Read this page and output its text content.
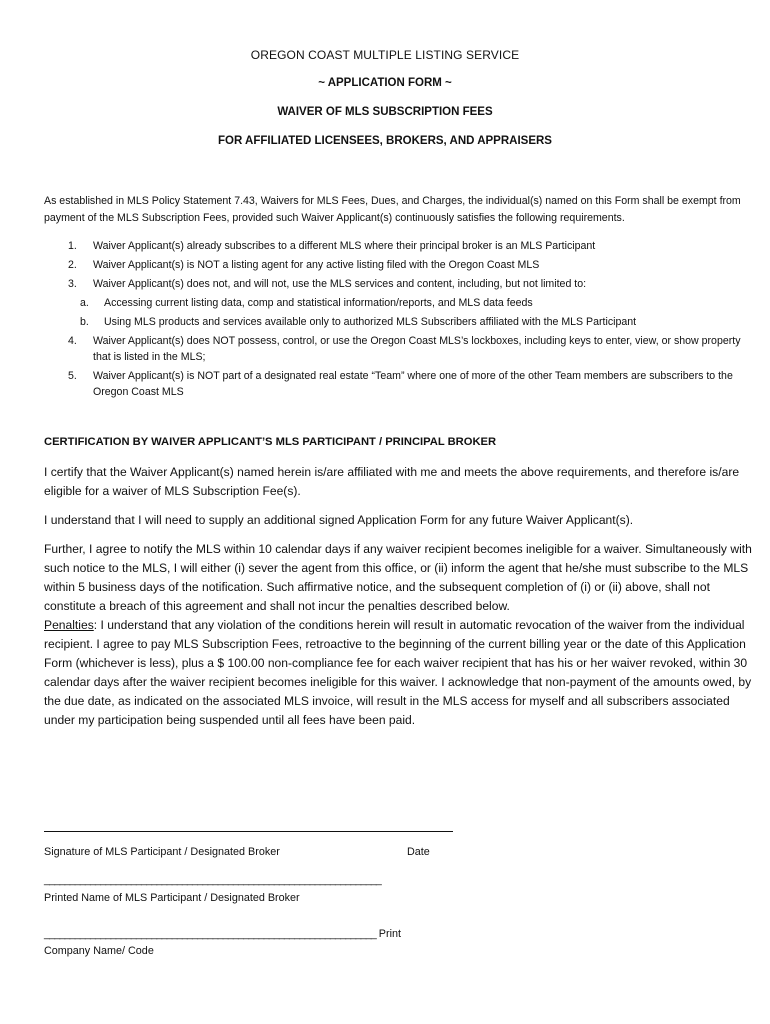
OREGON COAST MULTIPLE LISTING SERVICE
~ APPLICATION FORM ~
WAIVER OF MLS SUBSCRIPTION FEES
FOR AFFILIATED LICENSEES, BROKERS, AND APPRAISERS
As established in MLS Policy Statement 7.43, Waivers for MLS Fees, Dues, and Charges, the individual(s) named on this Form shall be exempt from payment of the MLS Subscription Fees, provided such Waiver Applicant(s) continuously satisfies the following requirements.
1. Waiver Applicant(s) already subscribes to a different MLS where their principal broker is an MLS Participant
2. Waiver Applicant(s) is NOT a listing agent for any active listing filed with the Oregon Coast MLS
3. Waiver Applicant(s) does not, and will not, use the MLS services and content, including, but not limited to:
a. Accessing current listing data, comp and statistical information/reports, and MLS data feeds
b. Using MLS products and services available only to authorized MLS Subscribers affiliated with the MLS Participant
4. Waiver Applicant(s) does NOT possess, control, or use the Oregon Coast MLS’s lockboxes, including keys to enter, view, or show property that is listed in the MLS;
5. Waiver Applicant(s) is NOT part of a designated real estate “Team” where one of more of the other Team members are subscribers to the Oregon Coast MLS
CERTIFICATION BY WAIVER APPLICANT’S MLS PARTICIPANT / PRINCIPAL BROKER
I certify that the Waiver Applicant(s) named herein is/are affiliated with me and meets the above requirements, and therefore is/are eligible for a waiver of MLS Subscription Fee(s).
I understand that I will need to supply an additional signed Application Form for any future Waiver Applicant(s).
Further, I agree to notify the MLS within 10 calendar days if any waiver recipient becomes ineligible for a waiver. Simultaneously with such notice to the MLS, I will either (i) sever the agent from this office, or (ii) inform the agent that he/she must subscribe to the MLS within 5 business days of the notification. Such affirmative notice, and the subsequent completion of (i) or (ii) above, shall not constitute a breach of this agreement and shall not incur the penalties described below.
Penalties: I understand that any violation of the conditions herein will result in automatic revocation of the waiver from the individual recipient. I agree to pay MLS Subscription Fees, retroactive to the beginning of the current billing year or the date of this Application Form (whichever is less), plus a $ 100.00 non-compliance fee for each waiver recipient that has his or her waiver revoked, within 30 calendar days after the waiver recipient becomes ineligible for this waiver. I acknowledge that non-payment of the amounts owed, by the due date, as indicated on the associated MLS invoice, will result in the MLS access for myself and all subscribers associated under my participation being suspended until all fees have been paid.
Signature of MLS Participant / Designated Broker	Date
__________________________________________________________________
Printed Name of MLS Participant / Designated Broker
_________________________________________________________________ Print
Company Name/ Code
